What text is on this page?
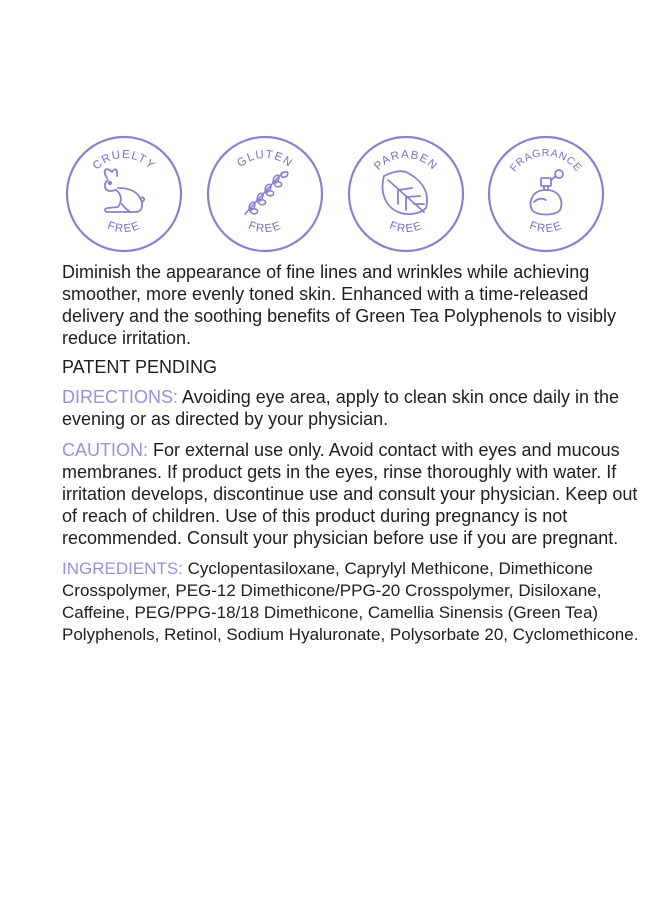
CRUELTY
FREE
GLUTEN
FREE
PARABEN
FREE
FRAGRANCE
FREE

Diminish the appearance of fine lines and wrinkles while achieving smoother, more evenly toned skin. Enhanced with a time-released delivery and the soothing benefits of Green Tea Polyphenols to visibly reduce irritation.

PATENT PENDING

DIRECTIONS: Avoiding eye area, apply to clean skin once daily in the evening or as directed by your physician.

CAUTION: For external use only. Avoid contact with eyes and mucous membranes. If product gets in the eyes, rinse thoroughly with water. If irritation develops, discontinue use and consult your physician. Keep out of reach of children. Use of this product during pregnancy is not recommended. Consult your physician before use if you are pregnant.

INGREDIENTS: Cyclopentasiloxane, Caprylyl Methicone, Dimethicone Crosspolymer, PEG-12 Dimethicone/PPG-20 Crosspolymer, Disiloxane, Caffeine, PEG/PPG-18/18 Dimethicone, Camellia Sinensis (Green Tea) Polyphenols, Retinol, Sodium Hyaluronate, Polysorbate 20, Cyclomethicone.
